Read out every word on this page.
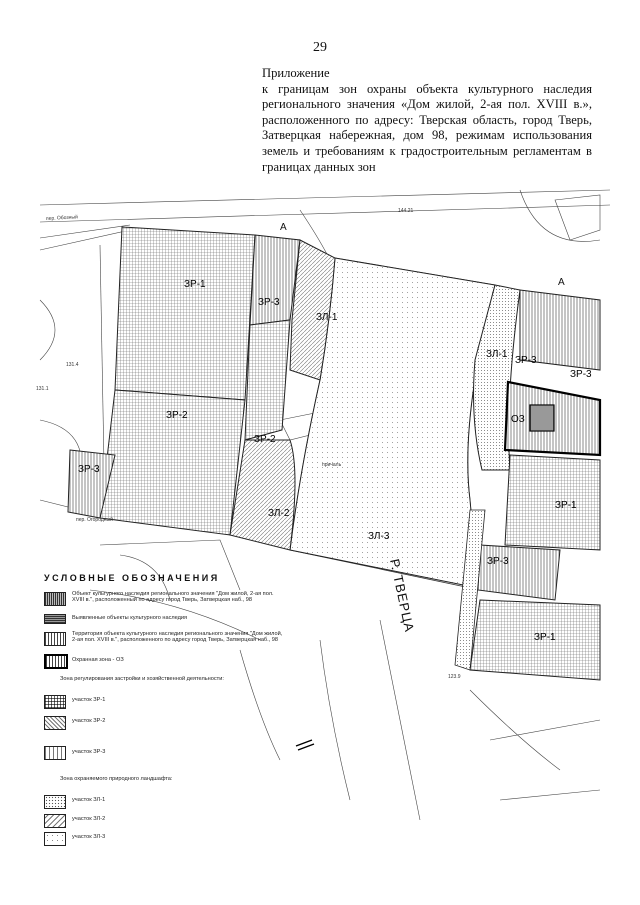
29
Приложение
к границам зон охраны объекта культурного наследия регионального значения «Дом жилой, 2-ая пол. XVIII в.», расположенного по адресу: Тверская область, город Тверь, Затверцкая набережная, дом 98, режимам использования земель и требованиям к градостроительным регламентам в границах данных зон
ЗР-1
ЗР-3
ЗЛ-1
ЗР-2
ЗР-2
ЗР-3
ЗЛ-2
ЗЛ-3
ЗЛ-1
ЗР-3
ЗР-3
ОЗ
ЗР-1
ЗР-3
ЗР-1
А
А
пер. Обозный
пер. Огородный
причаль
131.4
131.1
123.9
144.21
Р. ТВЕРЦА
УСЛОВНЫЕ ОБОЗНАЧЕНИЯ
Объект культурного наследия регионального значения "Дом жилой, 2-ая пол. XVIII в.", расположенный по адресу город Тверь, Затверцкая наб., 98
Выявленные объекты культурного наследия
Территория объекта культурного наследия регионального значения "Дом жилой, 2-ая пол. XVIII в.", расположенного по адресу город Тверь, Затверцкая наб., 98
Охранная зона - ОЗ
Зона регулирования застройки и хозяйственной деятельности:
участок ЗР-1
участок ЗР-2
участок ЗР-3
Зона охраняемого природного ландшафта:
участок ЗЛ-1
участок ЗЛ-2
участок ЗЛ-3
